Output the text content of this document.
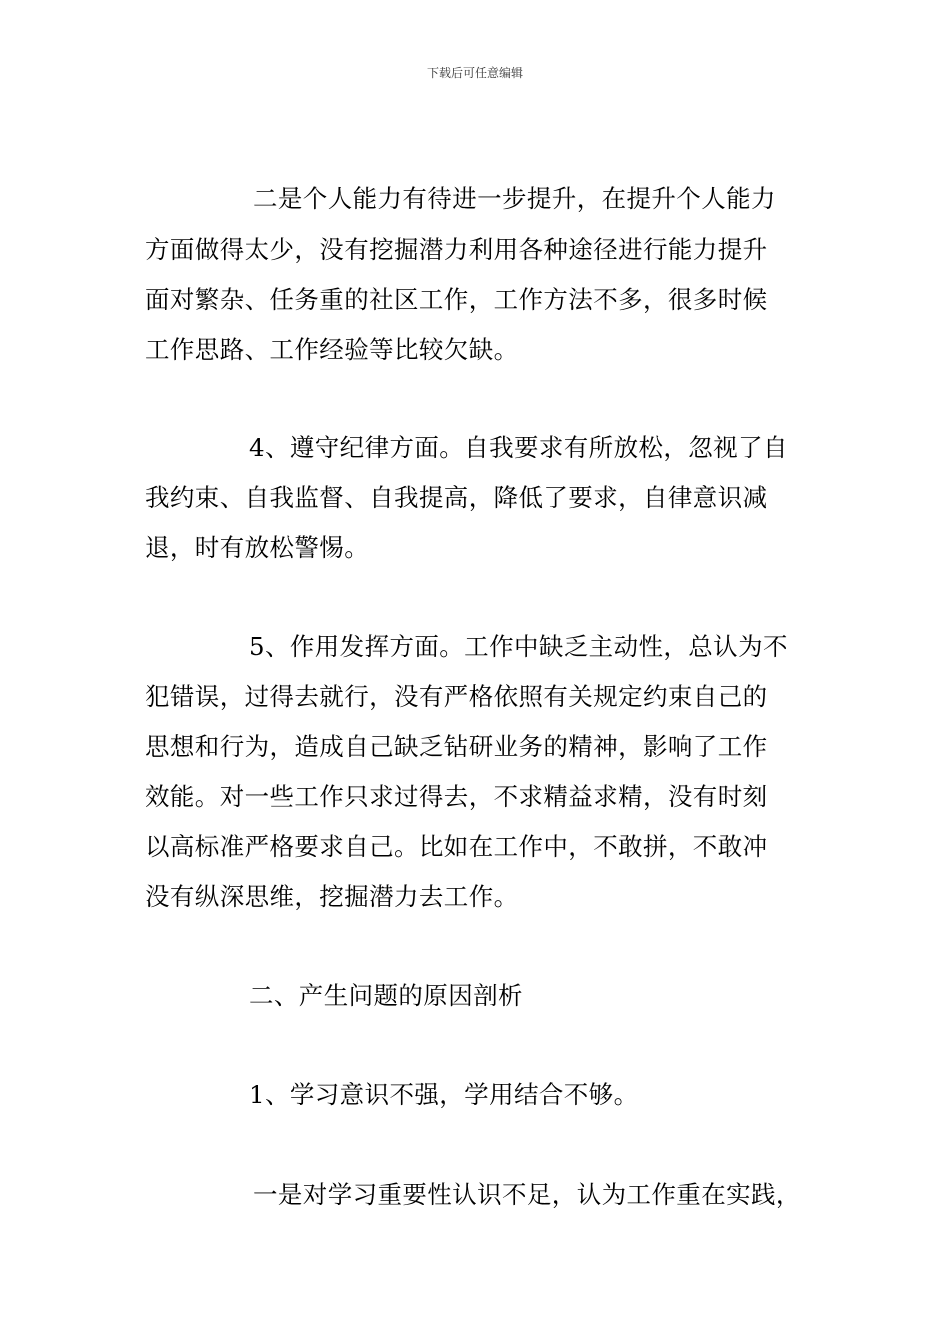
下载后可任意编辑
二是个人能力有待进一步提升，在提升个人能力
方面做得太少，没有挖掘潜力利用各种途径进行能力提升
面对繁杂、任务重的社区工作，工作方法不多，很多时候
工作思路、工作经验等比较欠缺。
4、遵守纪律方面。自我要求有所放松，忽视了自
我约束、自我监督、自我提高，降低了要求，自律意识减
退，时有放松警惕。
5、作用发挥方面。工作中缺乏主动性，总认为不
犯错误，过得去就行，没有严格依照有关规定约束自己的
思想和行为，造成自己缺乏钻研业务的精神，影响了工作
效能。对一些工作只求过得去，不求精益求精，没有时刻
以高标准严格要求自己。比如在工作中，不敢拼，不敢冲
没有纵深思维，挖掘潜力去工作。
二、产生问题的原因剖析
1、学习意识不强，学用结合不够。
一是对学习重要性认识不足，认为工作重在实践，
